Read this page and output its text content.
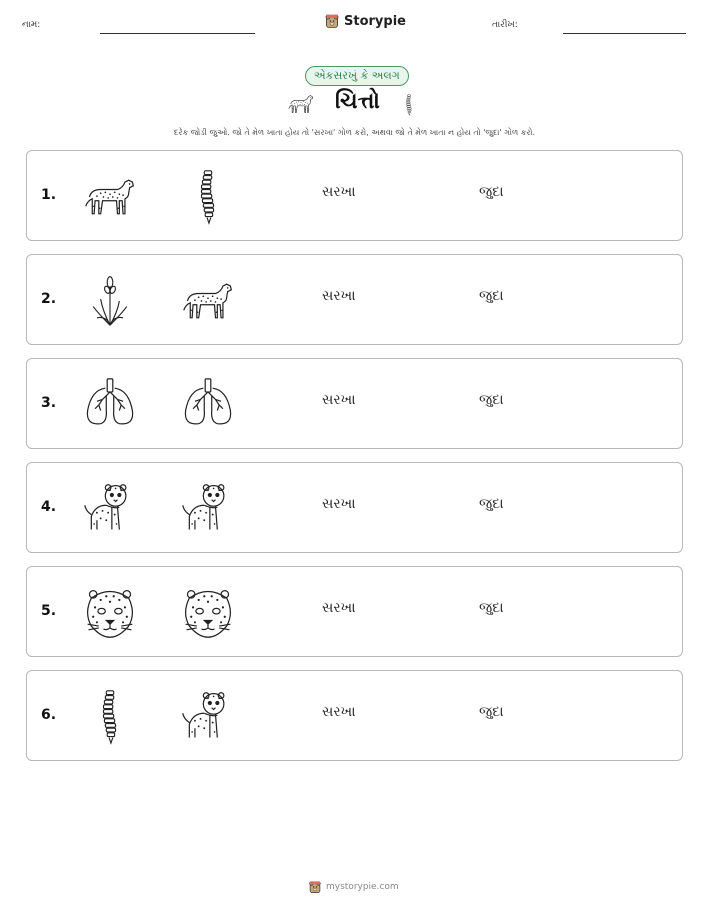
નામ:	Storypie	તારીખ:
એકસરખું કે અલગ
ચિત્તો
દરેક જોડી જુઓ. જો તે મેળ ખાતા હોય તો 'સરખા' ગોળ કરો, અથવા જો તે મેળ ખાતા ન હોય તો 'જુદા' ગોળ કરો.
1.	સરખા	જુદા
2.	સરખા	જુદા
3.	સરખા	જુદા
4.	સરખા	જુદા
5.	સરખા	જુદા
6.	સરખા	જુદા
mystorypie.com
